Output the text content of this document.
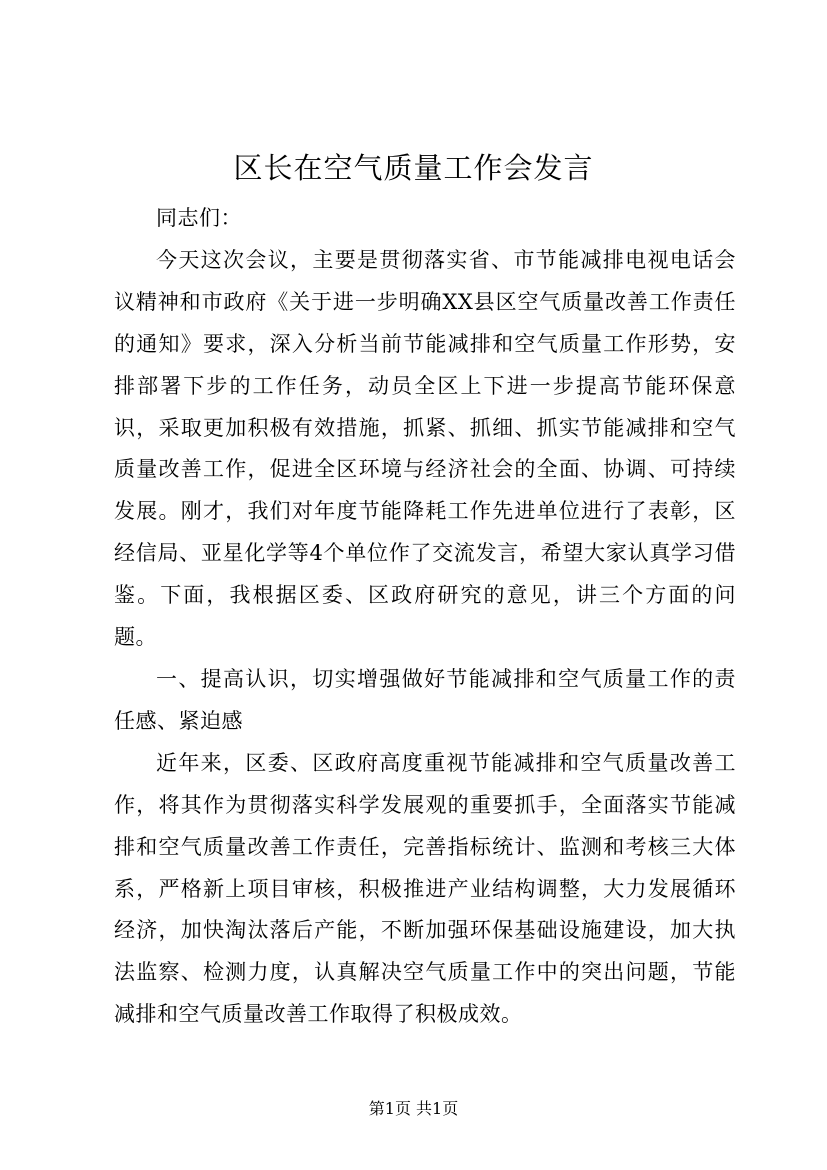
区长在空气质量工作会发言

同志们：

今天这次会议，主要是贯彻落实省、市节能减排电视电话会议精神和市政府《关于进一步明确XX县区空气质量改善工作责任的通知》要求，深入分析当前节能减排和空气质量工作形势，安排部署下步的工作任务，动员全区上下进一步提高节能环保意识，采取更加积极有效措施，抓紧、抓细、抓实节能减排和空气质量改善工作，促进全区环境与经济社会的全面、协调、可持续发展。刚才，我们对年度节能降耗工作先进单位进行了表彰，区经信局、亚星化学等4个单位作了交流发言，希望大家认真学习借鉴。下面，我根据区委、区政府研究的意见，讲三个方面的问题。

一、提高认识，切实增强做好节能减排和空气质量工作的责任感、紧迫感

近年来，区委、区政府高度重视节能减排和空气质量改善工作，将其作为贯彻落实科学发展观的重要抓手，全面落实节能减排和空气质量改善工作责任，完善指标统计、监测和考核三大体系，严格新上项目审核，积极推进产业结构调整，大力发展循环经济，加快淘汰落后产能，不断加强环保基础设施建设，加大执法监察、检测力度，认真解决空气质量工作中的突出问题，节能减排和空气质量改善工作取得了积极成效。

第1页 共1页
